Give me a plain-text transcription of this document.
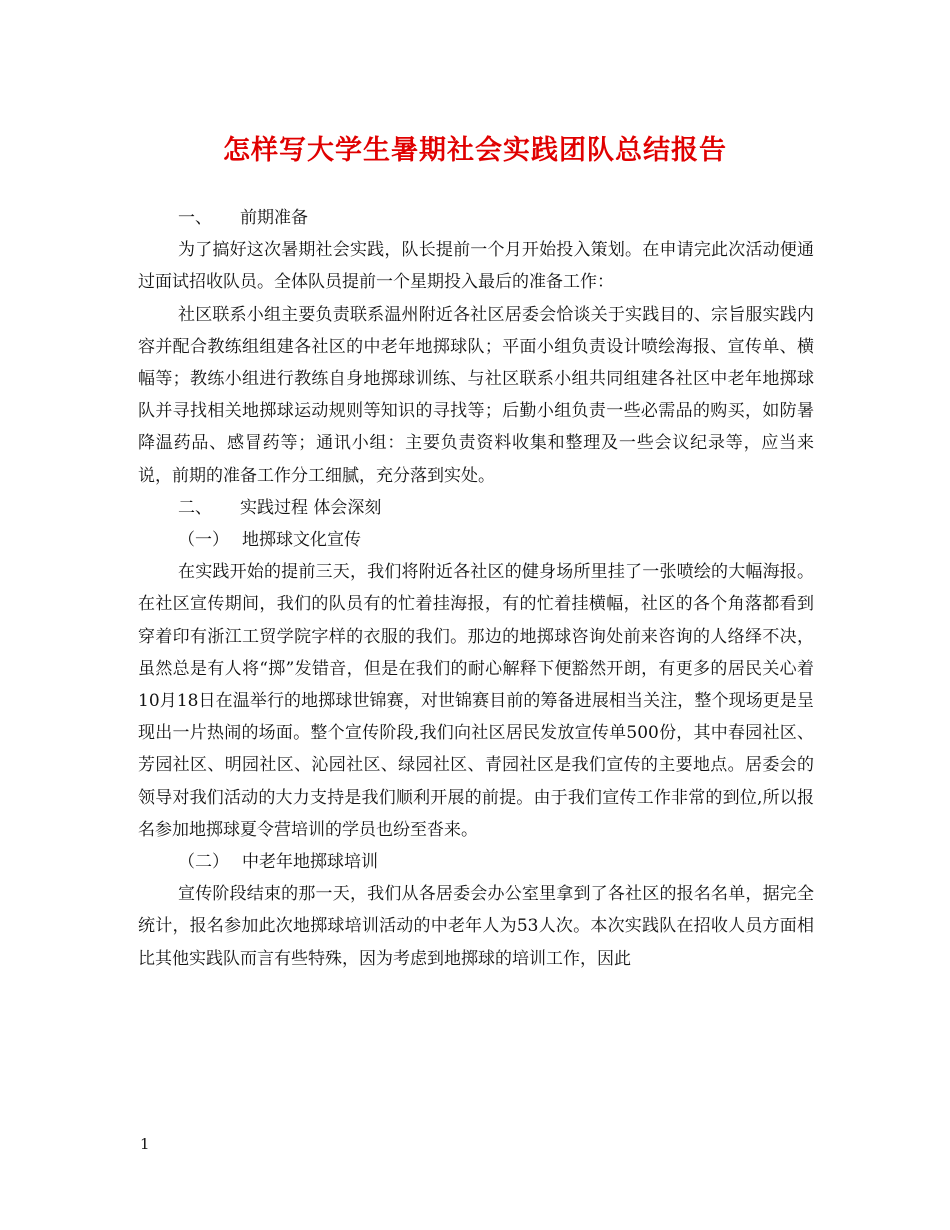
怎样写大学生暑期社会实践团队总结报告

一、 前期准备

为了搞好这次暑期社会实践，队长提前一个月开始投入策划。在申请完此次活动便通过面试招收队员。全体队员提前一个星期投入最后的准备工作：

社区联系小组主要负责联系温州附近各社区居委会恰谈关于实践目的、宗旨服实践内容并配合教练组组建各社区的中老年地掷球队；平面小组负责设计喷绘海报、宣传单、横幅等；教练小组进行教练自身地掷球训练、与社区联系小组共同组建各社区中老年地掷球队并寻找相关地掷球运动规则等知识的寻找等；后勤小组负责一些必需品的购买，如防暑降温药品、感冒药等；通讯小组：主要负责资料收集和整理及一些会议纪录等，应当来说，前期的准备工作分工细腻，充分落到实处。

二、 实践过程 体会深刻

（一） 地掷球文化宣传

在实践开始的提前三天，我们将附近各社区的健身场所里挂了一张喷绘的大幅海报。在社区宣传期间，我们的队员有的忙着挂海报，有的忙着挂横幅，社区的各个角落都看到穿着印有浙江工贸学院字样的衣服的我们。那边的地掷球咨询处前来咨询的人络绎不决，虽然总是有人将“掷”发错音，但是在我们的耐心解释下便豁然开朗，有更多的居民关心着10月18日在温举行的地掷球世锦赛，对世锦赛目前的筹备进展相当关注，整个现场更是呈现出一片热闹的场面。整个宣传阶段,我们向社区居民发放宣传单500份，其中春园社区、芳园社区、明园社区、沁园社区、绿园社区、青园社区是我们宣传的主要地点。居委会的领导对我们活动的大力支持是我们顺利开展的前提。由于我们宣传工作非常的到位,所以报名参加地掷球夏令营培训的学员也纷至沓来。

（二） 中老年地掷球培训

宣传阶段结束的那一天，我们从各居委会办公室里拿到了各社区的报名名单，据完全统计，报名参加此次地掷球培训活动的中老年人为53人次。本次实践队在招收人员方面相比其他实践队而言有些特殊，因为考虑到地掷球的培训工作，因此

1
